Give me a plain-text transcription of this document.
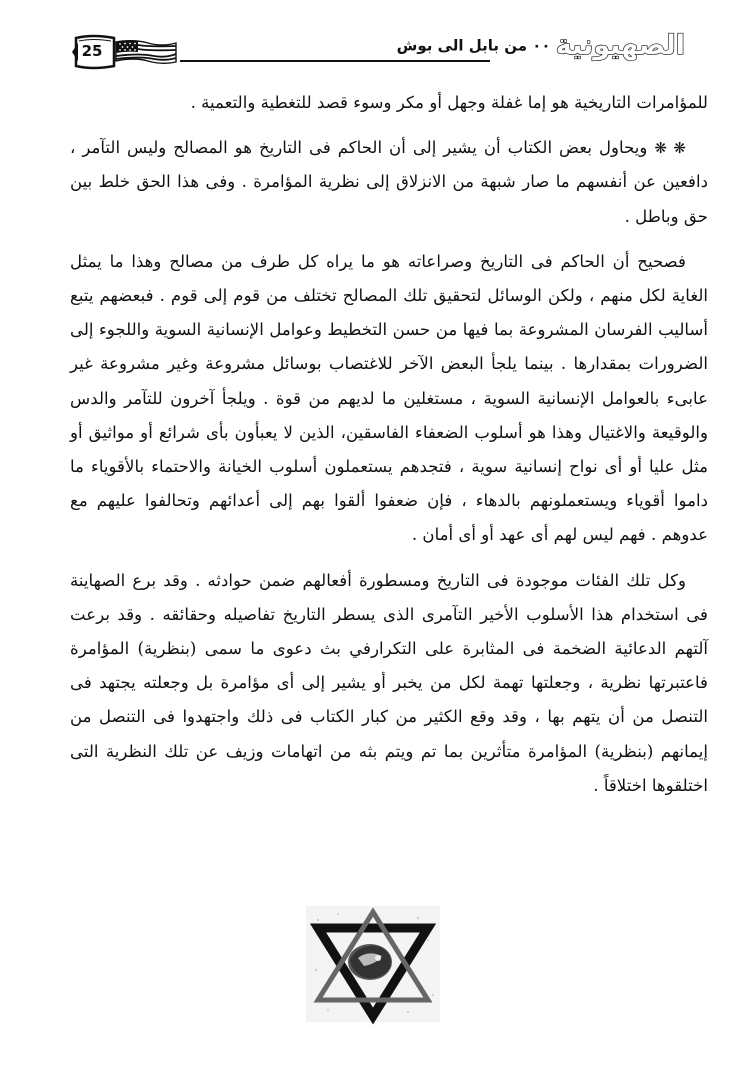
25	الصهيونية ٠٠ من بابل الى بوش

للمؤامرات التاريخية هو إما غفلة وجهل أو مكر وسوء قصد للتغطية والتعمية .

❋ ❋ ويحاول بعض الكتاب أن يشير إلى أن الحاكم فى التاريخ هو المصالح وليس التآمر ، دافعين عن أنفسهم ما صار شبهة من الانزلاق إلى نظرية المؤامرة . وفى هذا الحق خلط بين حق وباطل .

فصحيح أن الحاكم فى التاريخ وصراعاته هو ما يراه كل طرف من مصالح وهذا ما يمثل الغاية لكل منهم ، ولكن الوسائل لتحقيق تلك المصالح تختلف من قوم إلى قوم . فبعضهم يتبع أساليب الفرسان المشروعة بما فيها من حسن التخطيط وعوامل الإنسانية السوية واللجوء إلى الضرورات بمقدارها . بينما يلجأ البعض الآخر للاغتصاب بوسائل مشروعة وغير مشروعة غير عابىء بالعوامل الإنسانية السوية ، مستغلين ما لديهم من قوة . ويلجأ آخرون للتآمر والدس والوقيعة والاغتيال وهذا هو أسلوب الضعفاء الفاسقين، الذين لا يعبأون بأى شرائع أو مواثيق أو مثل عليا أو أى نواح إنسانية سوية ، فتجدهم يستعملون أسلوب الخيانة والاحتماء بالأقوياء ما داموا أقوياء ويستعملونهم بالدهاء ، فإن ضعفوا ألقوا بهم إلى أعدائهم وتحالفوا عليهم مع عدوهم . فهم ليس لهم أى عهد أو أى أمان .

وكل تلك الفئات موجودة فى التاريخ ومسطورة أفعالهم ضمن حوادثه . وقد برع الصهاينة فى استخدام هذا الأسلوب الأخير التآمرى الذى يسطر التاريخ تفاصيله وحقائقه . وقد برعت آلتهم الدعائية الضخمة فى المثابرة على التكرارفي بث دعوى ما سمى (بنظرية) المؤامرة فاعتبرتها نظرية ، وجعلتها تهمة لكل من يخبر أو يشير إلى أى مؤامرة بل وجعلته يجتهد فى التنصل من أن يتهم بها ، وقد وقع الكثير من كبار الكتاب فى ذلك واجتهدوا فى التنصل من إيمانهم (بنظرية) المؤامرة متأثرين بما تم ويتم بثه من اتهامات وزيف عن تلك النظرية التى اختلقوها اختلاقاً .
